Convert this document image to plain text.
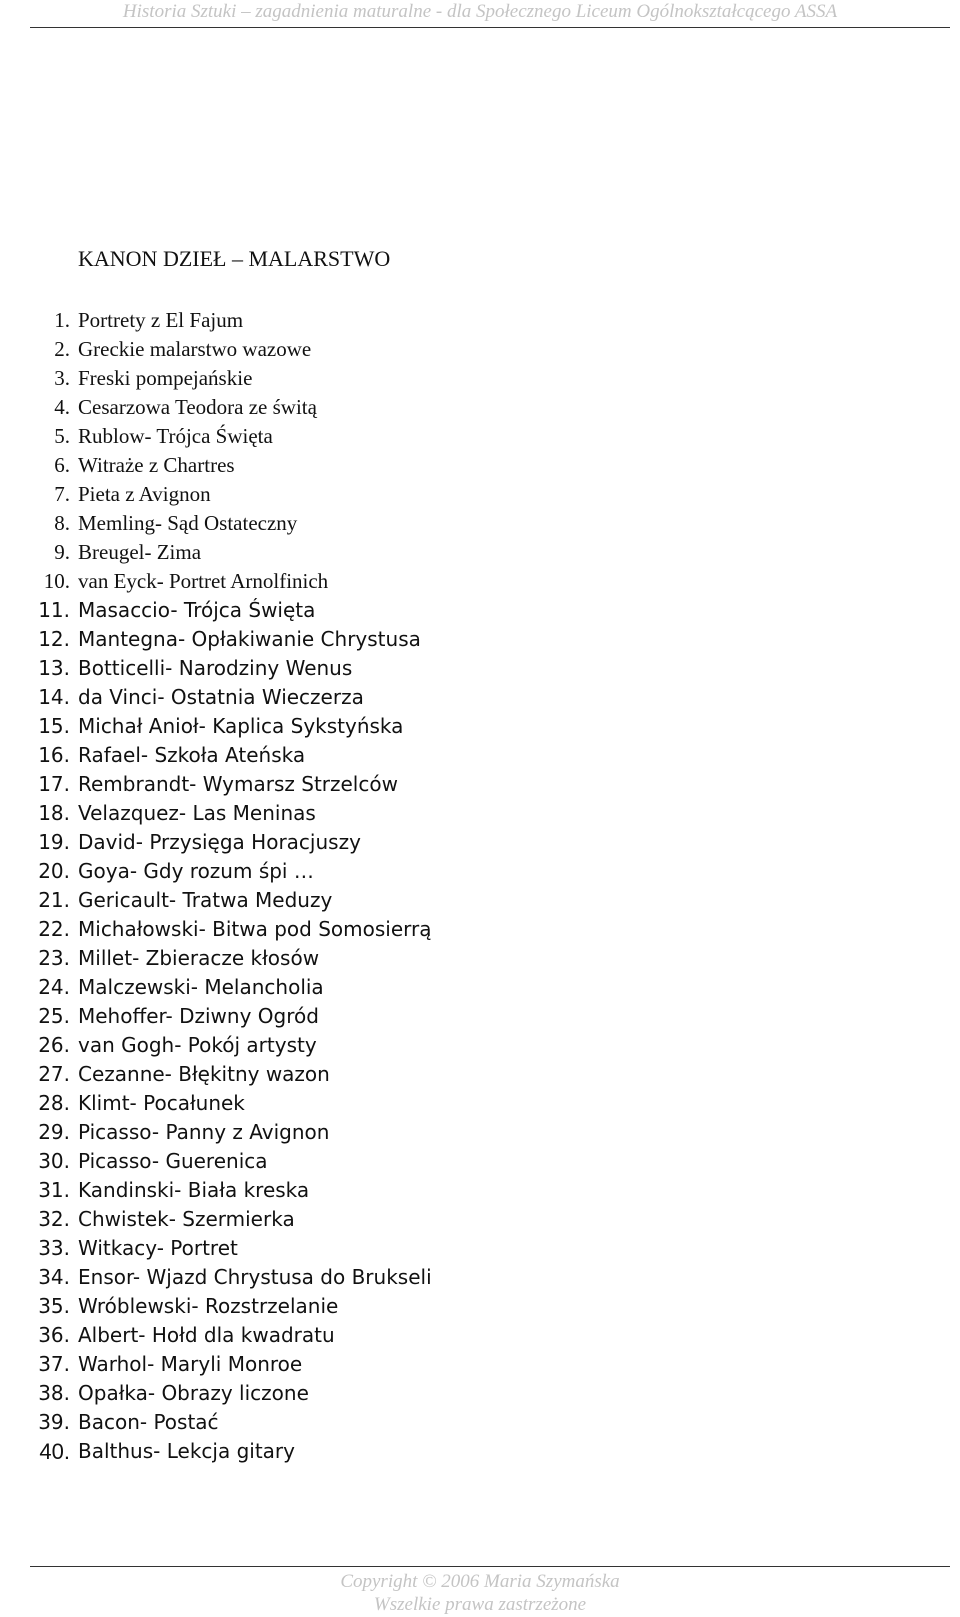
Historia Sztuki – zagadnienia maturalne - dla Społecznego Liceum Ogólnokształcącego ASSA
KANON DZIEŁ – MALARSTWO
1. Portrety z El Fajum
2. Greckie malarstwo wazowe
3. Freski pompejańskie
4. Cesarzowa Teodora ze świtą
5. Rublow- Trójca Święta
6. Witraże z Chartres
7. Pieta z Avignon
8. Memling- Sąd Ostateczny
9. Breugel- Zima
10. van Eyck- Portret Arnolfinich
11. Masaccio- Trójca Święta
12. Mantegna- Opłakiwanie Chrystusa
13. Botticelli- Narodziny Wenus
14. da Vinci- Ostatnia Wieczerza
15. Michał Anioł- Kaplica Sykstyńska
16. Rafael- Szkoła Ateńska
17. Rembrandt- Wymarsz Strzelców
18. Velazquez- Las Meninas
19. David- Przysięga Horacjuszy
20. Goya- Gdy rozum śpi …
21. Gericault- Tratwa Meduzy
22. Michałowski- Bitwa pod Somosierrą
23. Millet- Zbieracze kłosów
24. Malczewski- Melancholia
25. Mehoffer- Dziwny Ogród
26. van Gogh- Pokój artysty
27. Cezanne- Błękitny wazon
28. Klimt- Pocałunek
29. Picasso- Panny z Avignon
30. Picasso- Guerenica
31. Kandinski- Biała kreska
32. Chwistek- Szermierka
33. Witkacy- Portret
34. Ensor- Wjazd Chrystusa do Brukseli
35. Wróblewski- Rozstrzelanie
36. Albert- Hołd dla kwadratu
37. Warhol- Maryli Monroe
38. Opałka- Obrazy liczone
39. Bacon- Postać
40. Balthus- Lekcja gitary
Copyright © 2006 Maria Szymańska
Wszelkie prawa zastrzeżone
